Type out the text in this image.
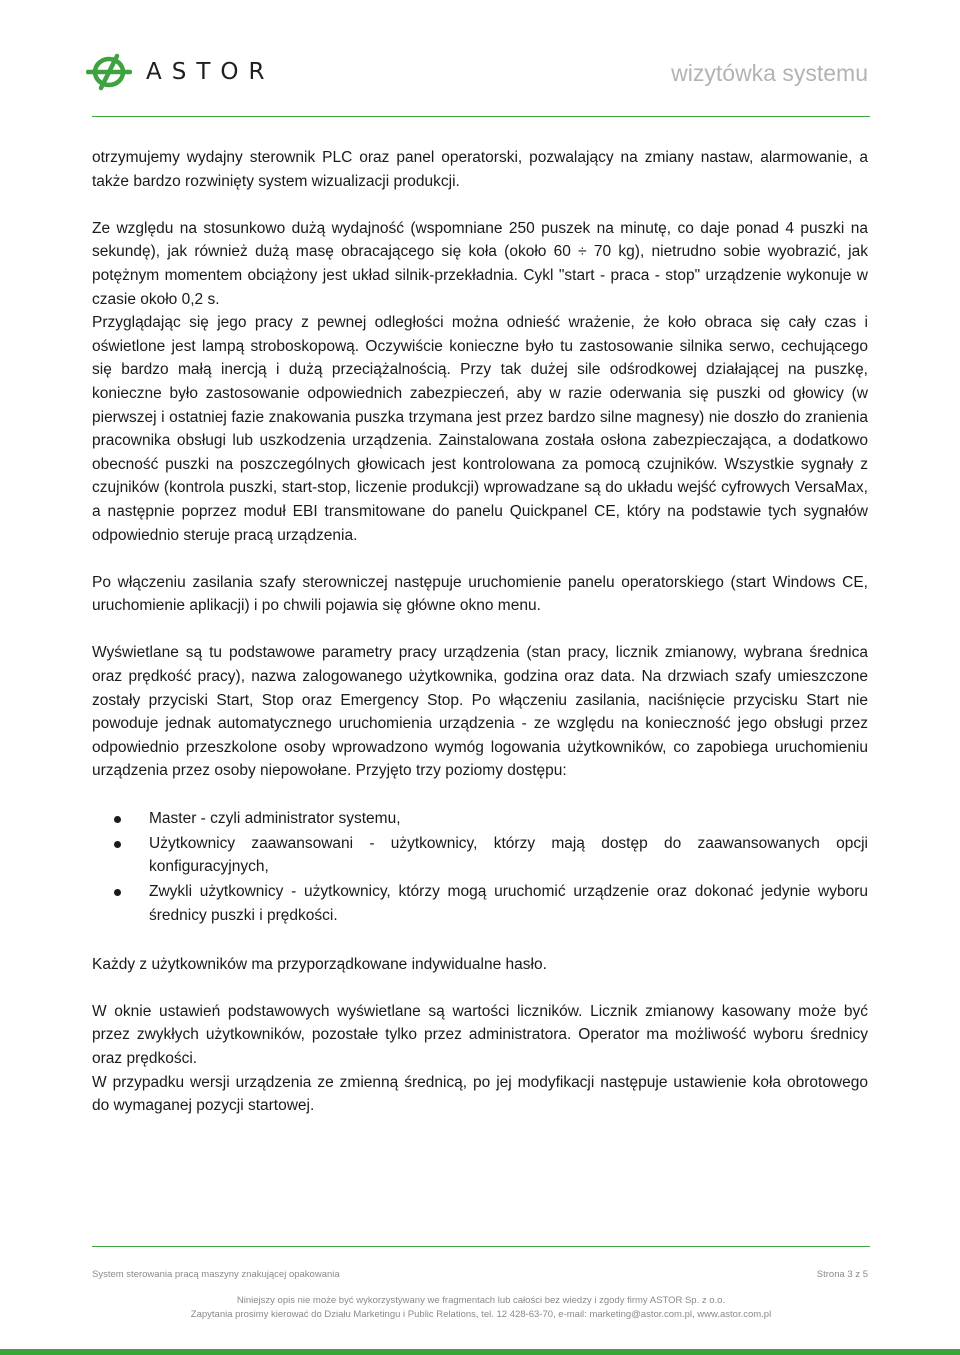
ASTOR	wizytówka systemu

otrzymujemy wydajny sterownik PLC oraz panel operatorski, pozwalający na zmiany nastaw, alarmowanie, a także bardzo rozwinięty system wizualizacji produkcji.

Ze względu na stosunkowo dużą wydajność (wspomniane 250 puszek na minutę, co daje ponad 4 puszki na sekundę), jak również dużą masę obracającego się koła (około 60 ÷ 70 kg), nietrudno sobie wyobrazić, jak potężnym momentem obciążony jest układ silnik-przekładnia. Cykl "start - praca - stop" urządzenie wykonuje w czasie około 0,2 s.

Przyglądając się jego pracy z pewnej odległości można odnieść wrażenie, że koło obraca się cały czas i oświetlone jest lampą stroboskopową. Oczywiście konieczne było tu zastosowanie silnika serwo, cechującego się bardzo małą inercją i dużą przeciążalnością. Przy tak dużej sile odśrodkowej działającej na puszkę, konieczne było zastosowanie odpowiednich zabezpieczeń, aby w razie oderwania się puszki od głowicy (w pierwszej i ostatniej fazie znakowania puszka trzymana jest przez bardzo silne magnesy) nie doszło do zranienia pracownika obsługi lub uszkodzenia urządzenia. Zainstalowana została osłona zabezpieczająca, a dodatkowo obecność puszki na poszczególnych głowicach jest kontrolowana za pomocą czujników. Wszystkie sygnały z czujników (kontrola puszki, start-stop, liczenie produkcji) wprowadzane są do układu wejść cyfrowych VersaMax, a następnie poprzez moduł EBI transmitowane do panelu Quickpanel CE, który na podstawie tych sygnałów odpowiednio steruje pracą urządzenia.

Po włączeniu zasilania szafy sterowniczej następuje uruchomienie panelu operatorskiego (start Windows CE, uruchomienie aplikacji) i po chwili pojawia się główne okno menu.

Wyświetlane są tu podstawowe parametry pracy urządzenia (stan pracy, licznik zmianowy, wybrana średnica oraz prędkość pracy), nazwa zalogowanego użytkownika, godzina oraz data. Na drzwiach szafy umieszczone zostały przyciski Start, Stop oraz Emergency Stop. Po włączeniu zasilania, naciśnięcie przycisku Start nie powoduje jednak automatycznego uruchomienia urządzenia - ze względu na konieczność jego obsługi przez odpowiednio przeszkolone osoby wprowadzono wymóg logowania użytkowników, co zapobiega uruchomieniu urządzenia przez osoby niepowołane. Przyjęto trzy poziomy dostępu:

Master - czyli administrator systemu,
Użytkownicy zaawansowani - użytkownicy, którzy mają dostęp do zaawansowanych opcji konfiguracyjnych,
Zwykli użytkownicy - użytkownicy, którzy mogą uruchomić urządzenie oraz dokonać jedynie wyboru średnicy puszki i prędkości.

Każdy z użytkowników ma przyporządkowane indywidualne hasło.

W oknie ustawień podstawowych wyświetlane są wartości liczników. Licznik zmianowy kasowany może być przez zwykłych użytkowników, pozostałe tylko przez administratora. Operator ma możliwość wyboru średnicy oraz prędkości.

W przypadku wersji urządzenia ze zmienną średnicą, po jej modyfikacji następuje ustawienie koła obrotowego do wymaganej pozycji startowej.

System sterowania pracą maszyny znakującej opakowania	Strona 3 z 5
Niniejszy opis nie może być wykorzystywany we fragmentach lub całości bez wiedzy i zgody firmy ASTOR Sp. z o.o.
Zapytania prosimy kierować do Działu Marketingu i Public Relations, tel. 12 428-63-70, e-mail: marketing@astor.com.pl, www.astor.com.pl
